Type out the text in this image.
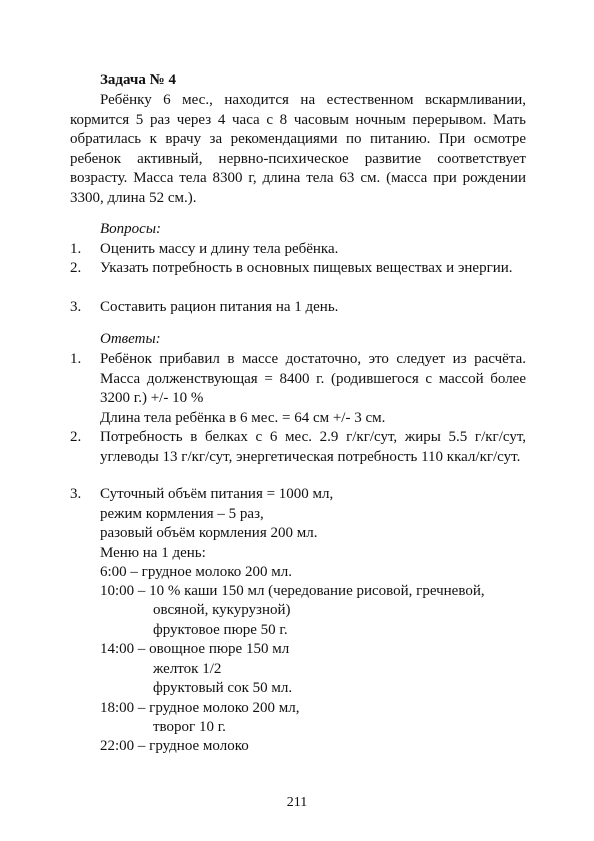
Задача № 4
Ребёнку 6 мес., находится на естественном вскармливании, кормится 5 раз через 4 часа с 8 часовым ночным перерывом. Мать обратилась к врачу за рекомендациями по питанию. При осмотре ребенок активный, нервно-психическое развитие соответствует возрасту. Масса тела 8300 г, длина тела 63 см. (масса при рождении 3300, длина 52 см.).
Вопросы:
1.	Оценить массу и длину тела ребёнка.
2.	Указать потребность в основных пищевых веществах и энергии.
3.	Составить рацион питания на 1 день.
Ответы:
1.	Ребёнок прибавил в массе достаточно, это следует из расчёта. Масса долженствующая = 8400 г. (родившегося с массой более 3200 г.) +/- 10 %
Длина тела ребёнка в 6 мес. = 64 см +/- 3 см.
2.	Потребность в белках с 6 мес. 2.9 г/кг/сут, жиры 5.5 г/кг/сут, углеводы 13 г/кг/сут, энергетическая потребность 110 ккал/кг/сут.
3.	Суточный объём питания = 1000 мл,
режим кормления – 5 раз,
разовый объём кормления 200 мл.
Меню на 1 день:
6:00 – грудное молоко 200 мл.
10:00 – 10 % каши 150 мл (чередование рисовой, гречневой,
овсяной, кукурузной)
фруктовое пюре 50 г.
14:00 – овощное пюре 150 мл
желток 1/2
фруктовый сок 50 мл.
18:00 – грудное молоко 200 мл,
творог 10 г.
22:00 – грудное молоко
211
